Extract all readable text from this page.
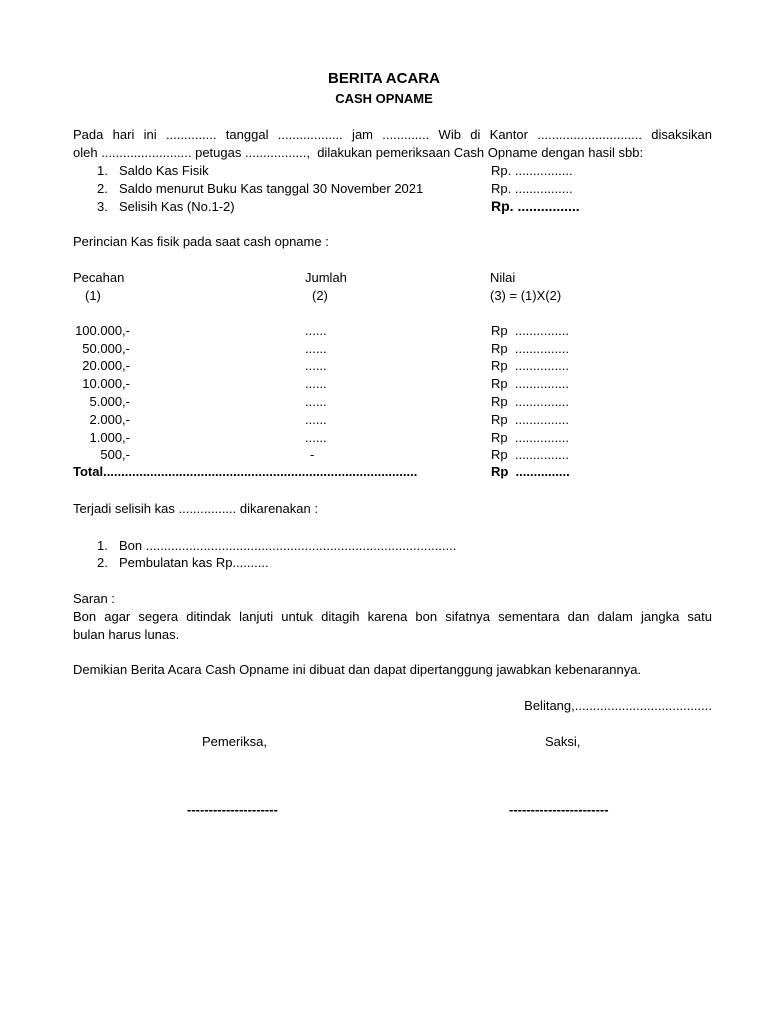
BERITA ACARA
CASH OPNAME
Pada hari ini .............. tanggal .................. jam ............. Wib di Kantor ............................. disaksikan
oleh ......................... petugas .................,  dilakukan pemeriksaan Cash Opname dengan hasil sbb:
1. Saldo Kas Fisik	Rp. ................
2. Saldo menurut Buku Kas tanggal 30 November 2021	Rp. ................
3. Selisih Kas (No.1-2)	Rp. ................
Perincian Kas fisik pada saat cash opname :
Pecahan	Jumlah	Nilai
(1)	(2)	(3) = (1)X(2)
100.000,-	......	Rp  ...............
50.000,-	......	Rp  ...............
20.000,-	......	Rp  ...............
10.000,-	......	Rp  ...............
5.000,-	......	Rp  ...............
2.000,-	......	Rp  ...............
1.000,-	......	Rp  ...............
500,-	-	Rp  ...............
Total.......................................................................................	Rp  ...............
Terjadi selisih kas ................ dikarenakan :
1. Bon ......................................................................................
2. Pembulatan kas Rp..........
Saran :
Bon agar segera ditindak lanjuti untuk ditagih karena bon sifatnya sementara dan dalam jangka satu
bulan harus lunas.
Demikian Berita Acara Cash Opname ini dibuat dan dapat dipertanggung jawabkan kebenarannya.
Belitang,......................................
Pemeriksa,	Saksi,
---------------------	-----------------------
